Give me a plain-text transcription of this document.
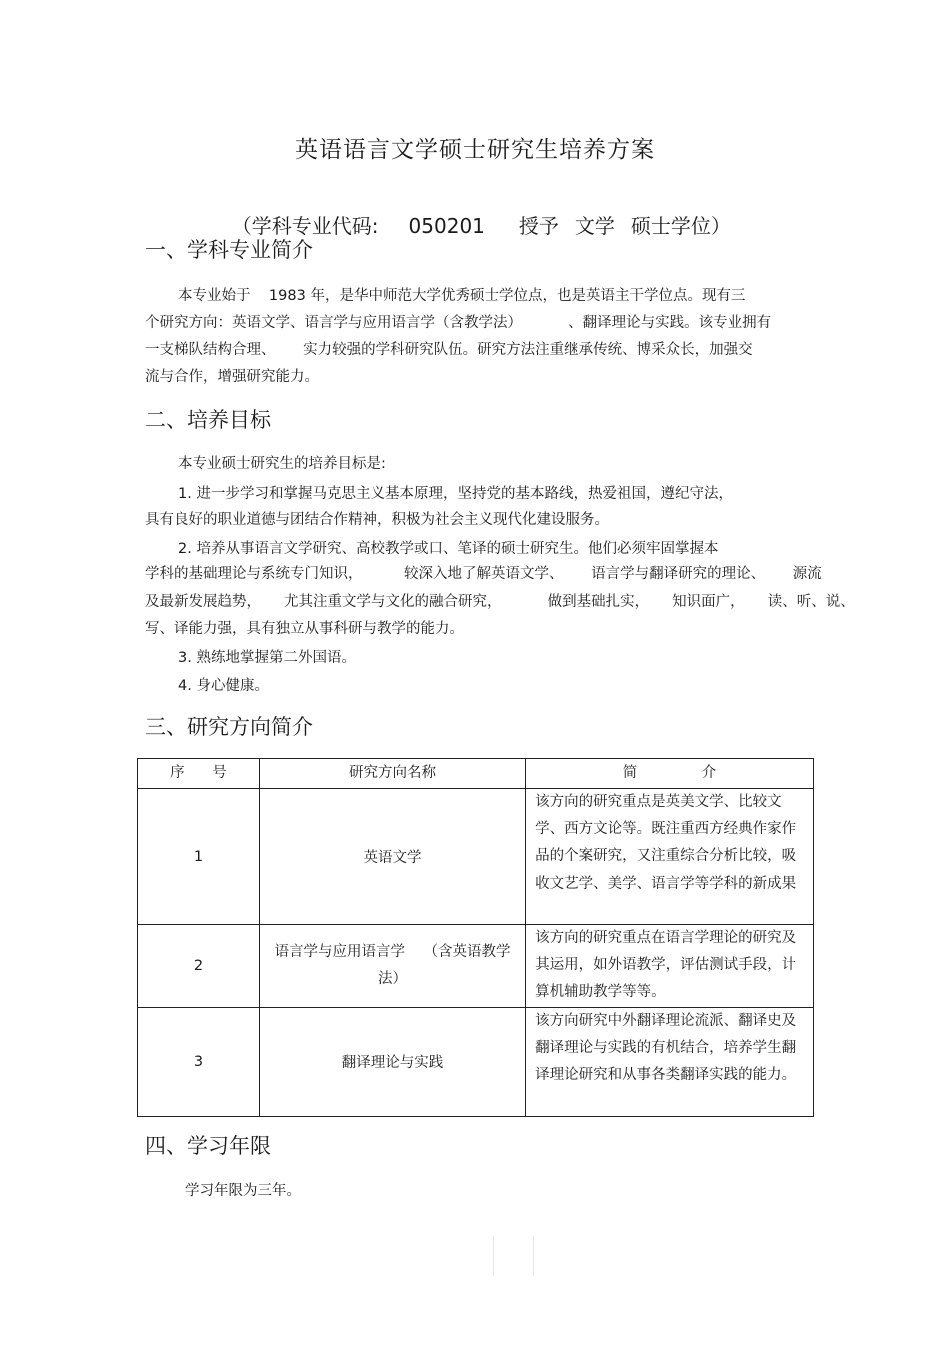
英语语言文学硕士研究生培养方案

（学科专业代码: 050201 授予 文学 硕士学位）

一、学科专业简介
本专业始于    1983 年，是华中师范大学优秀硕士学位点，也是英语主干学位点。现有三
个研究方向：英语文学、语言学与应用语言学（含教学法）          、翻译理论与实践。该专业拥有
一支梯队结构合理、      实力较强的学科研究队伍。研究方法注重继承传统、博采众长，加强交
流与合作，增强研究能力。
二、培养目标
本专业硕士研究生的培养目标是:
1. 进一步学习和掌握马克思主义基本原理，坚持党的基本路线，热爱祖国，遵纪守法，
具有良好的职业道德与团结合作精神，积极为社会主义现代化建设服务。
2. 培养从事语言文学研究、高校教学或口、笔译的硕士研究生。他们必须牢固掌握本
学科的基础理论与系统专门知识，         较深入地了解英语文学、      语言学与翻译研究的理论、      源流
及最新发展趋势，     尤其注重文学与文化的融合研究，          做到基础扎实，     知识面广，     读、听、说、
写、译能力强，具有独立从事科研与教学的能力。
3. 熟练地掌握第二外国语。
4. 身心健康。
三、研究方向简介
序      号	研究方向名称	简              介
1	英语文学	该方向的研究重点是英美文学、比较文学、西方文论等。既注重西方经典作家作品的个案研究，又注重综合分析比较，吸收文艺学、美学、语言学等学科的新成果
2	语言学与应用语言学    （含英语教学法）	该方向的研究重点在语言学理论的研究及其运用，如外语教学，评估测试手段，计算机辅助教学等等。
3	翻译理论与实践	该方向研究中外翻译理论流派、翻译史及翻译理论与实践的有机结合，培养学生翻译理论研究和从事各类翻译实践的能力。
四、学习年限
学习年限为三年。
